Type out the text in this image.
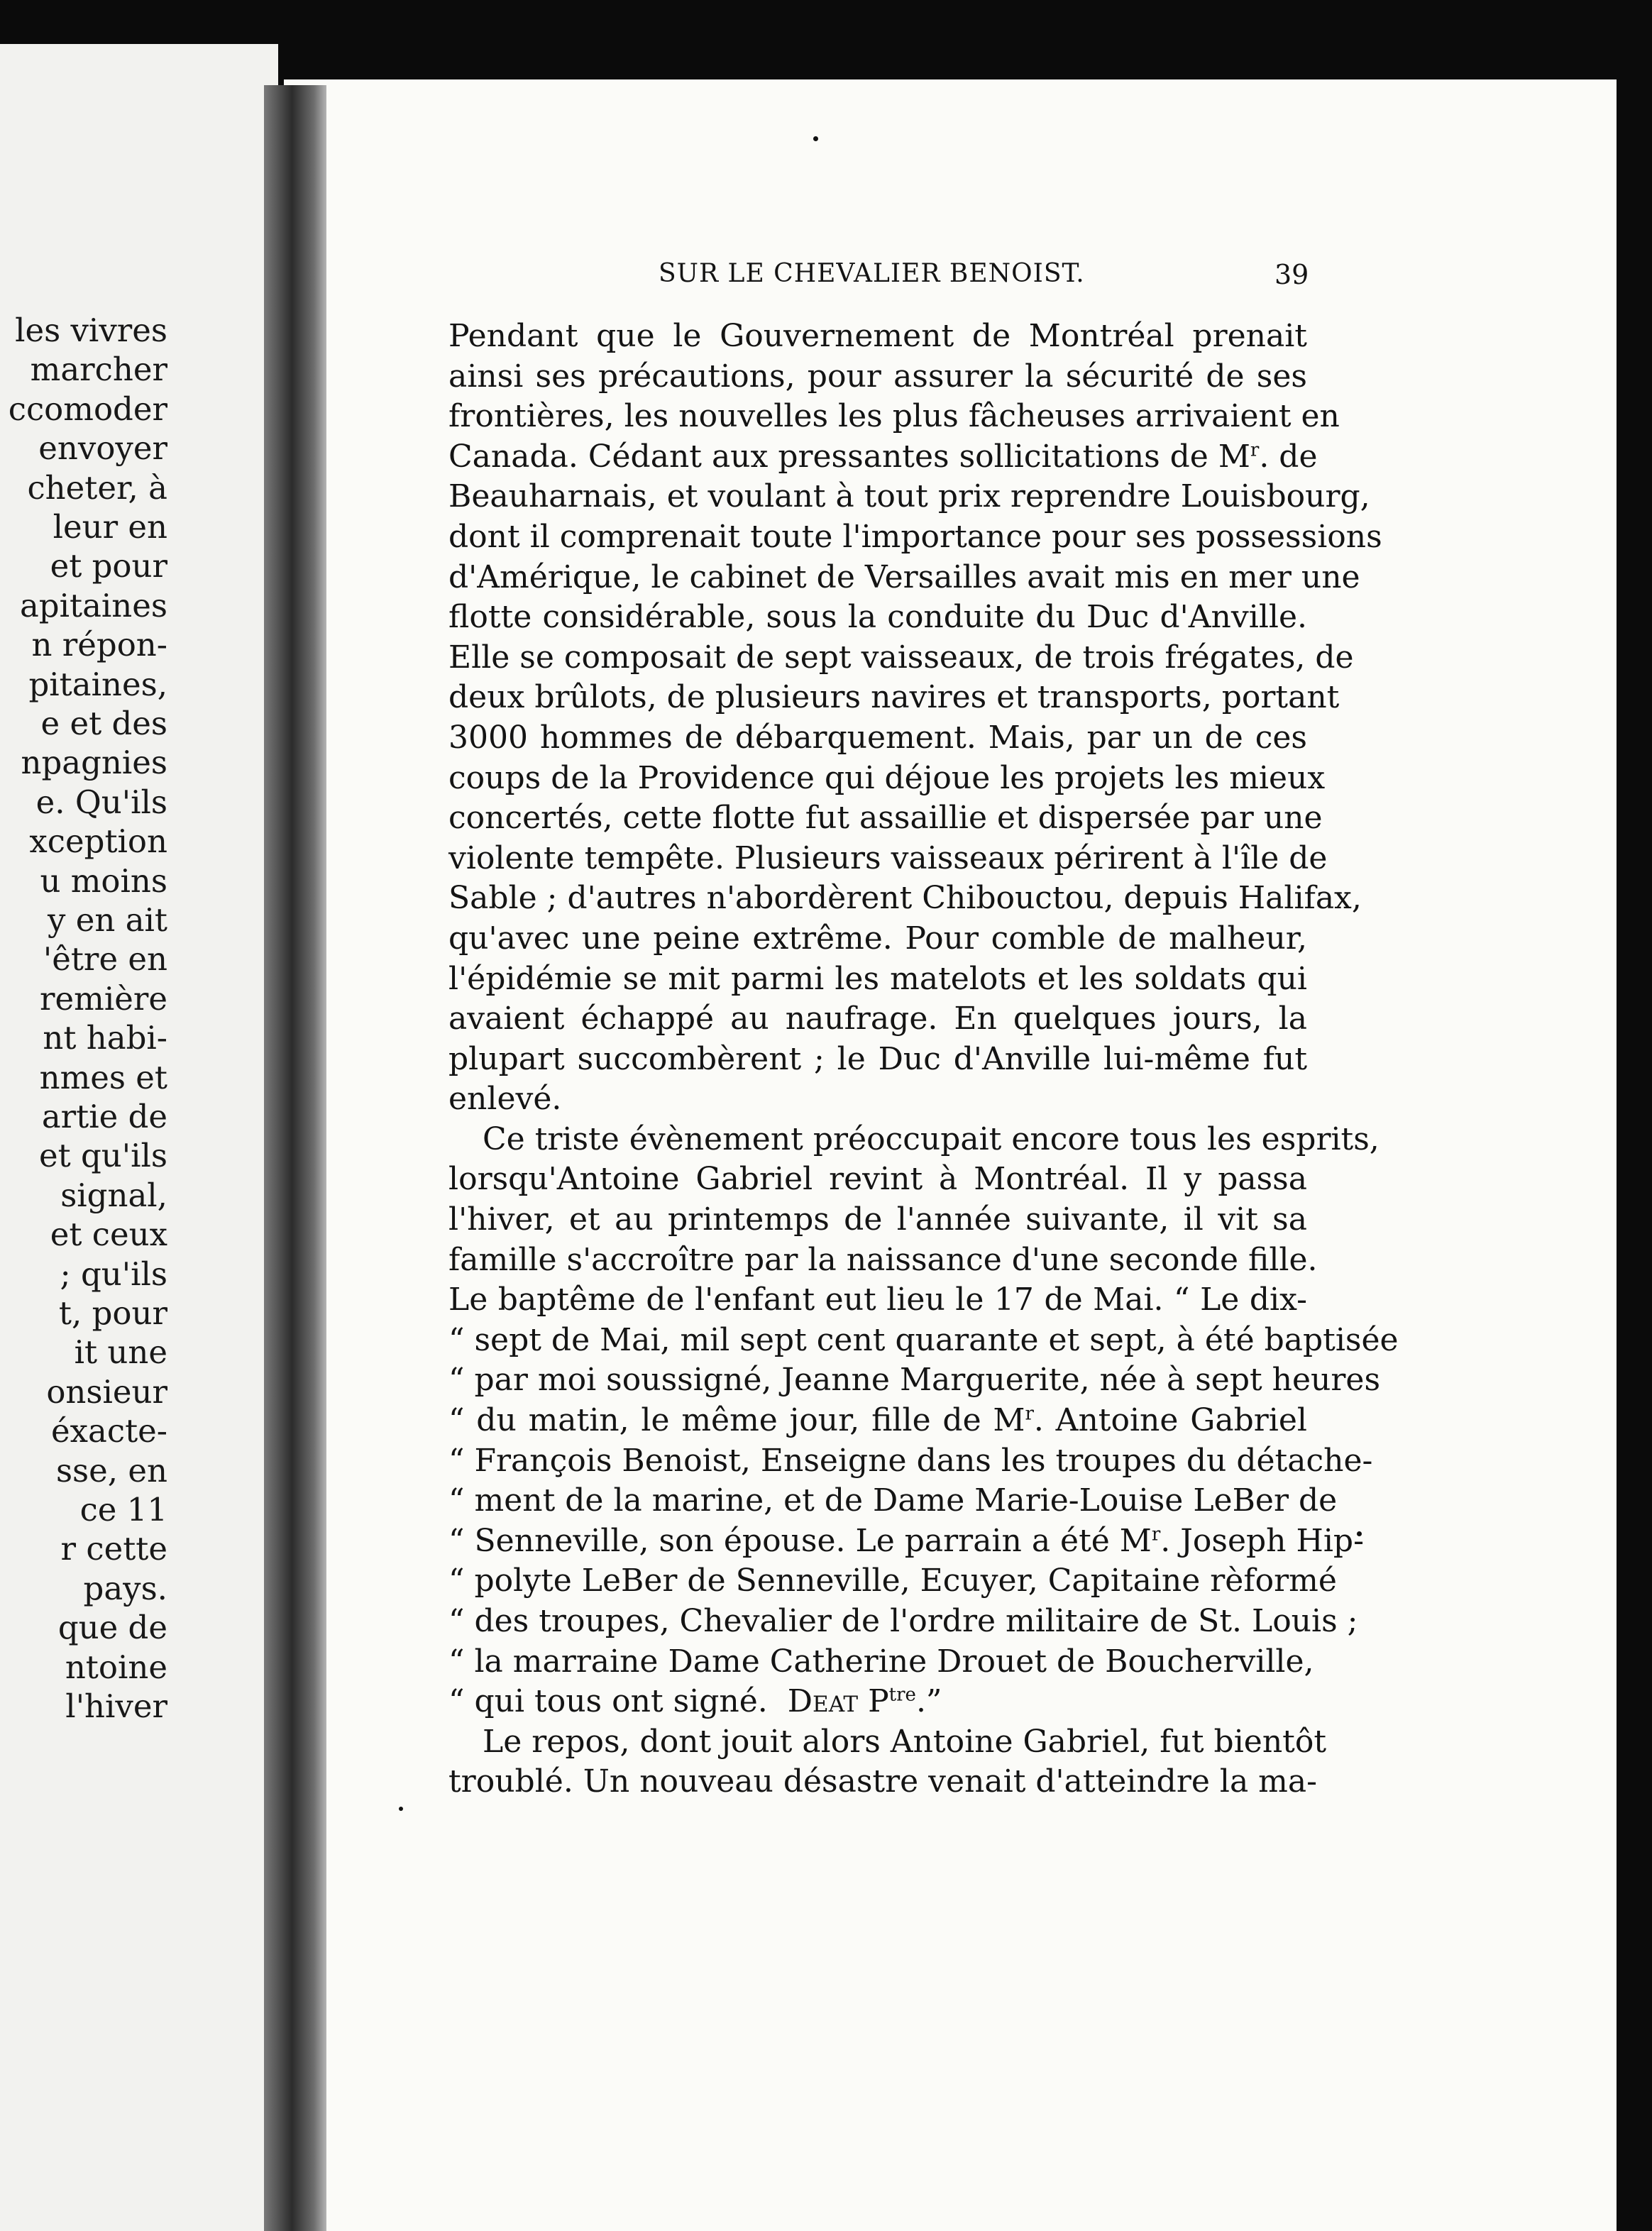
les vivres
marcher
ccomoder
envoyer
cheter, à
leur en
et pour
apitaines
n répon-
pitaines,
e et des
npagnies
e. Qu'ils
xception
u moins
y en ait
'être en
remière
nt habi-
nmes et
artie de
et qu'ils
signal,
et ceux
; qu'ils
t, pour
it une
onsieur
éxacte-
sse, en
ce 11
r cette
pays.
que de
ntoine
l'hiver
SUR LE CHEVALIER BENOIST.	39
Pendant que le Gouvernement de Montréal prenait
ainsi ses précautions, pour assurer la sécurité de ses
frontières, les nouvelles les plus fâcheuses arrivaient en
Canada. Cédant aux pressantes sollicitations de $M^r$. de
Beauharnais, et voulant à tout prix reprendre Louisbourg,
dont il comprenait toute l'importance pour ses possessions
d'Amérique, le cabinet de Versailles avait mis en mer une
flotte considérable, sous la conduite du Duc d'Anville.
Elle se composait de sept vaisseaux, de trois frégates, de
deux brûlots, de plusieurs navires et transports, portant
3000 hommes de débarquement. Mais, par un de ces
coups de la Providence qui déjoue les projets les mieux
concertés, cette flotte fut assaillie et dispersée par une
violente tempête. Plusieurs vaisseaux périrent à l'île de
Sable ; d'autres n'abordèrent Chibouctou, depuis Halifax,
qu'avec une peine extrême. Pour comble de malheur,
l'épidémie se mit parmi les matelots et les soldats qui
avaient échappé au naufrage. En quelques jours, la
plupart succombèrent ; le Duc d'Anville lui-même fut
enlevé.
Ce triste évènement préoccupait encore tous les esprits,
lorsqu'Antoine Gabriel revint à Montréal. Il y passa
l'hiver, et au printemps de l'année suivante, il vit sa
famille s'accroître par la naissance d'une seconde fille.
Le baptême de l'enfant eut lieu le 17 de Mai. “ Le dix-
“ sept de Mai, mil sept cent quarante et sept, à été baptisée
“ par moi soussigné, Jeanne Marguerite, née à sept heures
“ du matin, le même jour, fille de $M^r$. Antoine Gabriel
“ François Benoist, Enseigne dans les troupes du détache-
“ ment de la marine, et de Dame Marie-Louise LeBer de
“ Senneville, son épouse. Le parrain a été $M^r$. Joseph Hip-
“ polyte LeBer de Senneville, Ecuyer, Capitaine rèformé
“ des troupes, Chevalier de l'ordre militaire de St. Louis ;
“ la marraine Dame Catherine Drouet de Boucherville,
“ qui tous ont signé. Deat $P^{tre}$.”
Le repos, dont jouit alors Antoine Gabriel, fut bientôt
troublé. Un nouveau désastre venait d'atteindre la ma-
